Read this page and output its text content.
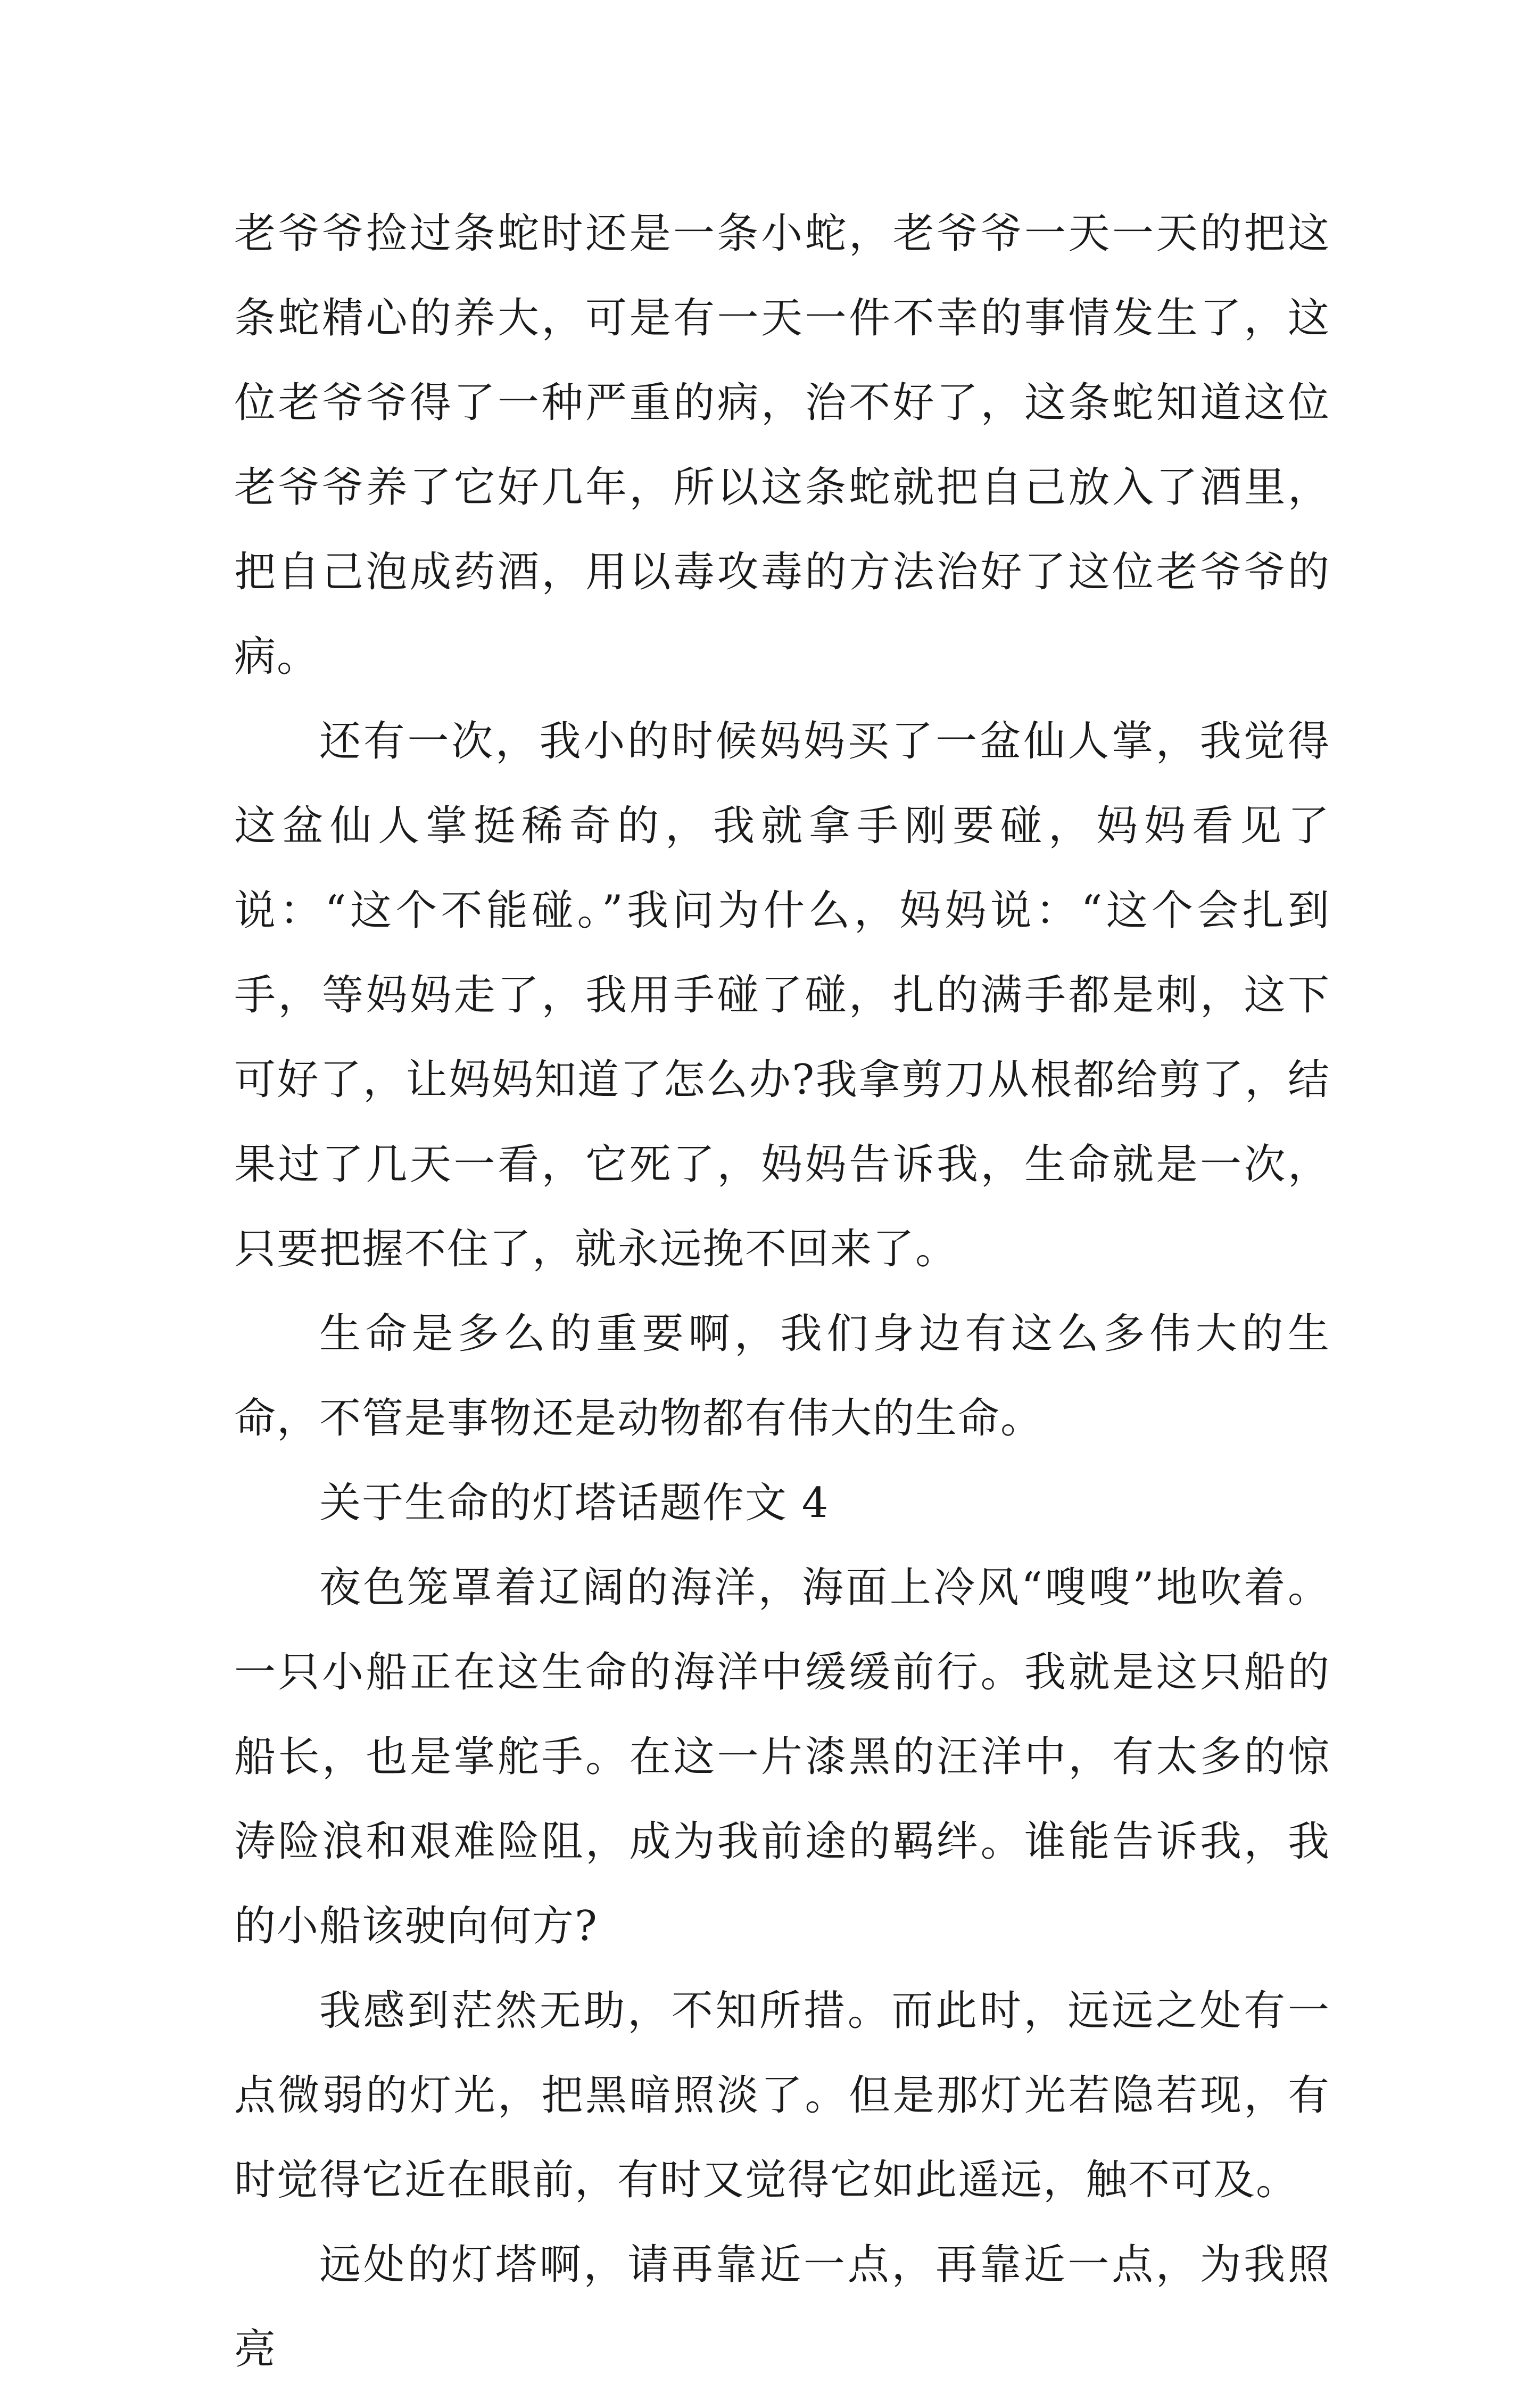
老爷爷捡过条蛇时还是一条小蛇，老爷爷一天一天的把这条蛇精心的养大，可是有一天一件不幸的事情发生了，这位老爷爷得了一种严重的病，治不好了，这条蛇知道这位老爷爷养了它好几年，所以这条蛇就把自己放入了酒里，把自己泡成药酒，用以毒攻毒的方法治好了这位老爷爷的病。

还有一次，我小的时候妈妈买了一盆仙人掌，我觉得这盆仙人掌挺稀奇的，我就拿手刚要碰，妈妈看见了说：“这个不能碰。”我问为什么，妈妈说：“这个会扎到手，等妈妈走了，我用手碰了碰，扎的满手都是刺，这下可好了，让妈妈知道了怎么办?我拿剪刀从根都给剪了，结果过了几天一看，它死了，妈妈告诉我，生命就是一次，只要把握不住了，就永远挽不回来了。

生命是多么的重要啊，我们身边有这么多伟大的生命，不管是事物还是动物都有伟大的生命。

关于生命的灯塔话题作文 4

夜色笼罩着辽阔的海洋，海面上冷风“嗖嗖”地吹着。一只小船正在这生命的海洋中缓缓前行。我就是这只船的船长，也是掌舵手。在这一片漆黑的汪洋中，有太多的惊涛险浪和艰难险阻，成为我前途的羁绊。谁能告诉我，我的小船该驶向何方?

我感到茫然无助，不知所措。而此时，远远之处有一点微弱的灯光，把黑暗照淡了。但是那灯光若隐若现，有时觉得它近在眼前，有时又觉得它如此遥远，触不可及。

远处的灯塔啊，请再靠近一点，再靠近一点，为我照亮
